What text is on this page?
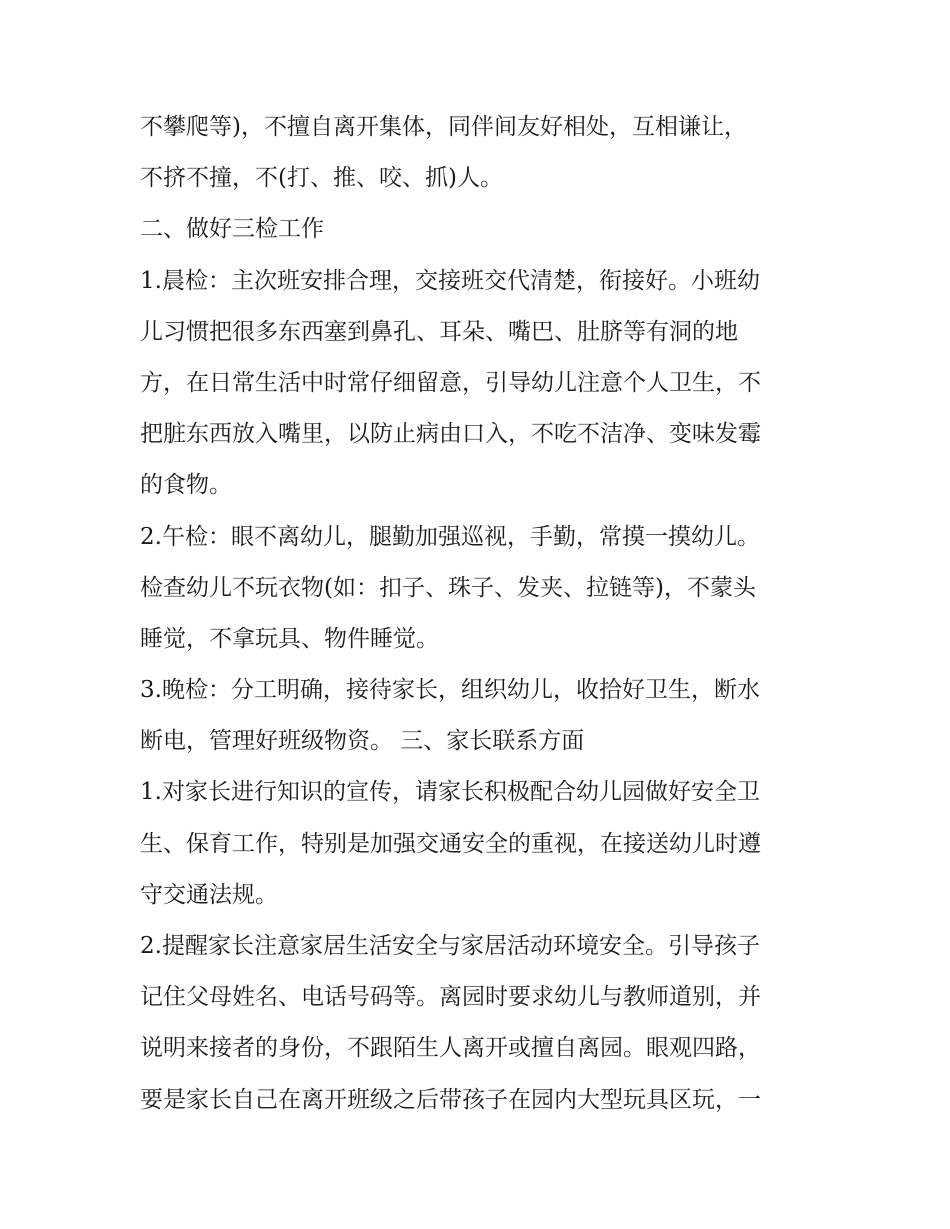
不攀爬等)，不擅自离开集体，同伴间友好相处，互相谦让，

不挤不撞，不(打、推、咬、抓)人。

二、做好三检工作

1.晨检：主次班安排合理，交接班交代清楚，衔接好。小班幼

儿习惯把很多东西塞到鼻孔、耳朵、嘴巴、肚脐等有洞的地

方，在日常生活中时常仔细留意，引导幼儿注意个人卫生，不

把脏东西放入嘴里，以防止病由口入，不吃不洁净、变味发霉

的食物。

2.午检：眼不离幼儿，腿勤加强巡视，手勤，常摸一摸幼儿。

检查幼儿不玩衣物(如：扣子、珠子、发夹、拉链等)，不蒙头

睡觉，不拿玩具、物件睡觉。

3.晚检：分工明确，接待家长，组织幼儿，收拾好卫生，断水

断电，管理好班级物资。 三、家长联系方面

1.对家长进行知识的宣传，请家长积极配合幼儿园做好安全卫

生、保育工作，特别是加强交通安全的重视，在接送幼儿时遵

守交通法规。

2.提醒家长注意家居生活安全与家居活动环境安全。引导孩子

记住父母姓名、电话号码等。离园时要求幼儿与教师道别，并

说明来接者的身份，不跟陌生人离开或擅自离园。眼观四路，

要是家长自己在离开班级之后带孩子在园内大型玩具区玩，一
